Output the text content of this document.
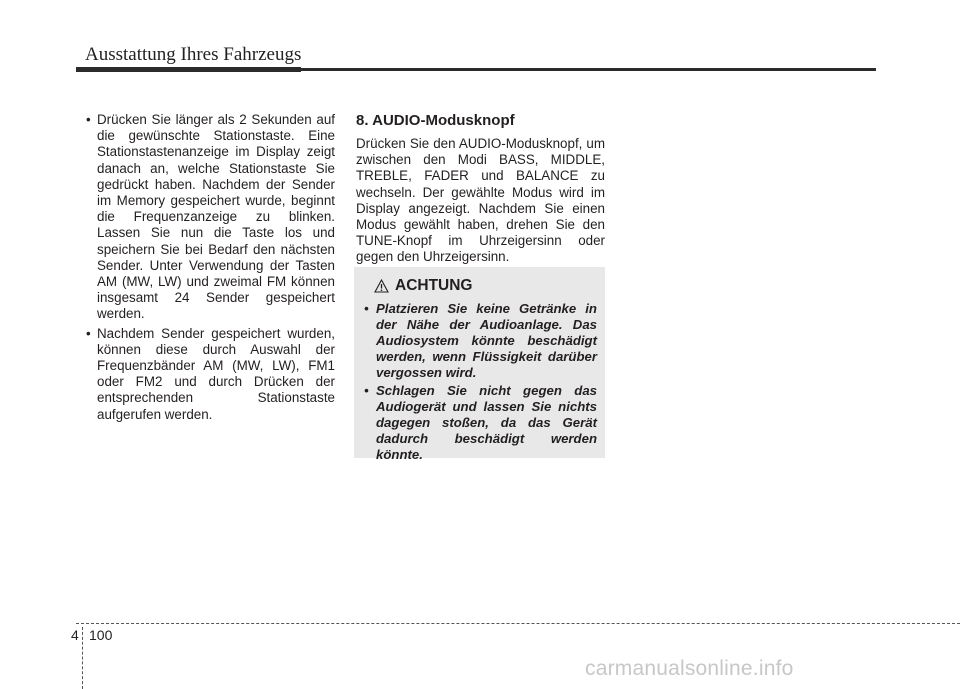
Ausstattung Ihres Fahrzeugs
• Drücken Sie länger als 2 Sekunden auf die gewünschte Stationstaste. Eine Stationstastenanzeige im Display zeigt danach an, welche Stationstaste Sie gedrückt haben. Nachdem der Sender im Memory gespeichert wurde, beginnt die Frequenzanzeige zu blinken. Lassen Sie nun die Taste los und speichern Sie bei Bedarf den nächsten Sender. Unter Verwendung der Tasten AM (MW, LW) und zweimal FM können insgesamt 24 Sender gespeichert werden.
• Nachdem Sender gespeichert wurden, können diese durch Auswahl der Frequenzbänder AM (MW, LW), FM1 oder FM2 und durch Drücken der entsprechenden Stationstaste aufgerufen werden.
8. AUDIO-Modusknopf

Drücken Sie den AUDIO-Modusknopf, um zwischen den Modi BASS, MIDDLE, TREBLE, FADER und BALANCE zu wechseln. Der gewählte Modus wird im Display angezeigt. Nachdem Sie einen Modus gewählt haben, drehen Sie den TUNE-Knopf im Uhrzeigersinn oder gegen den Uhrzeigersinn.

ACHTUNG
• Platzieren Sie keine Getränke in der Nähe der Audioanlage. Das Audiosystem könnte beschädigt werden, wenn Flüssigkeit darüber vergossen wird.
• Schlagen Sie nicht gegen das Audiogerät und lassen Sie nichts dagegen stoßen, da das Gerät dadurch beschädigt werden könnte.
4 100
carmanualsonline.info
